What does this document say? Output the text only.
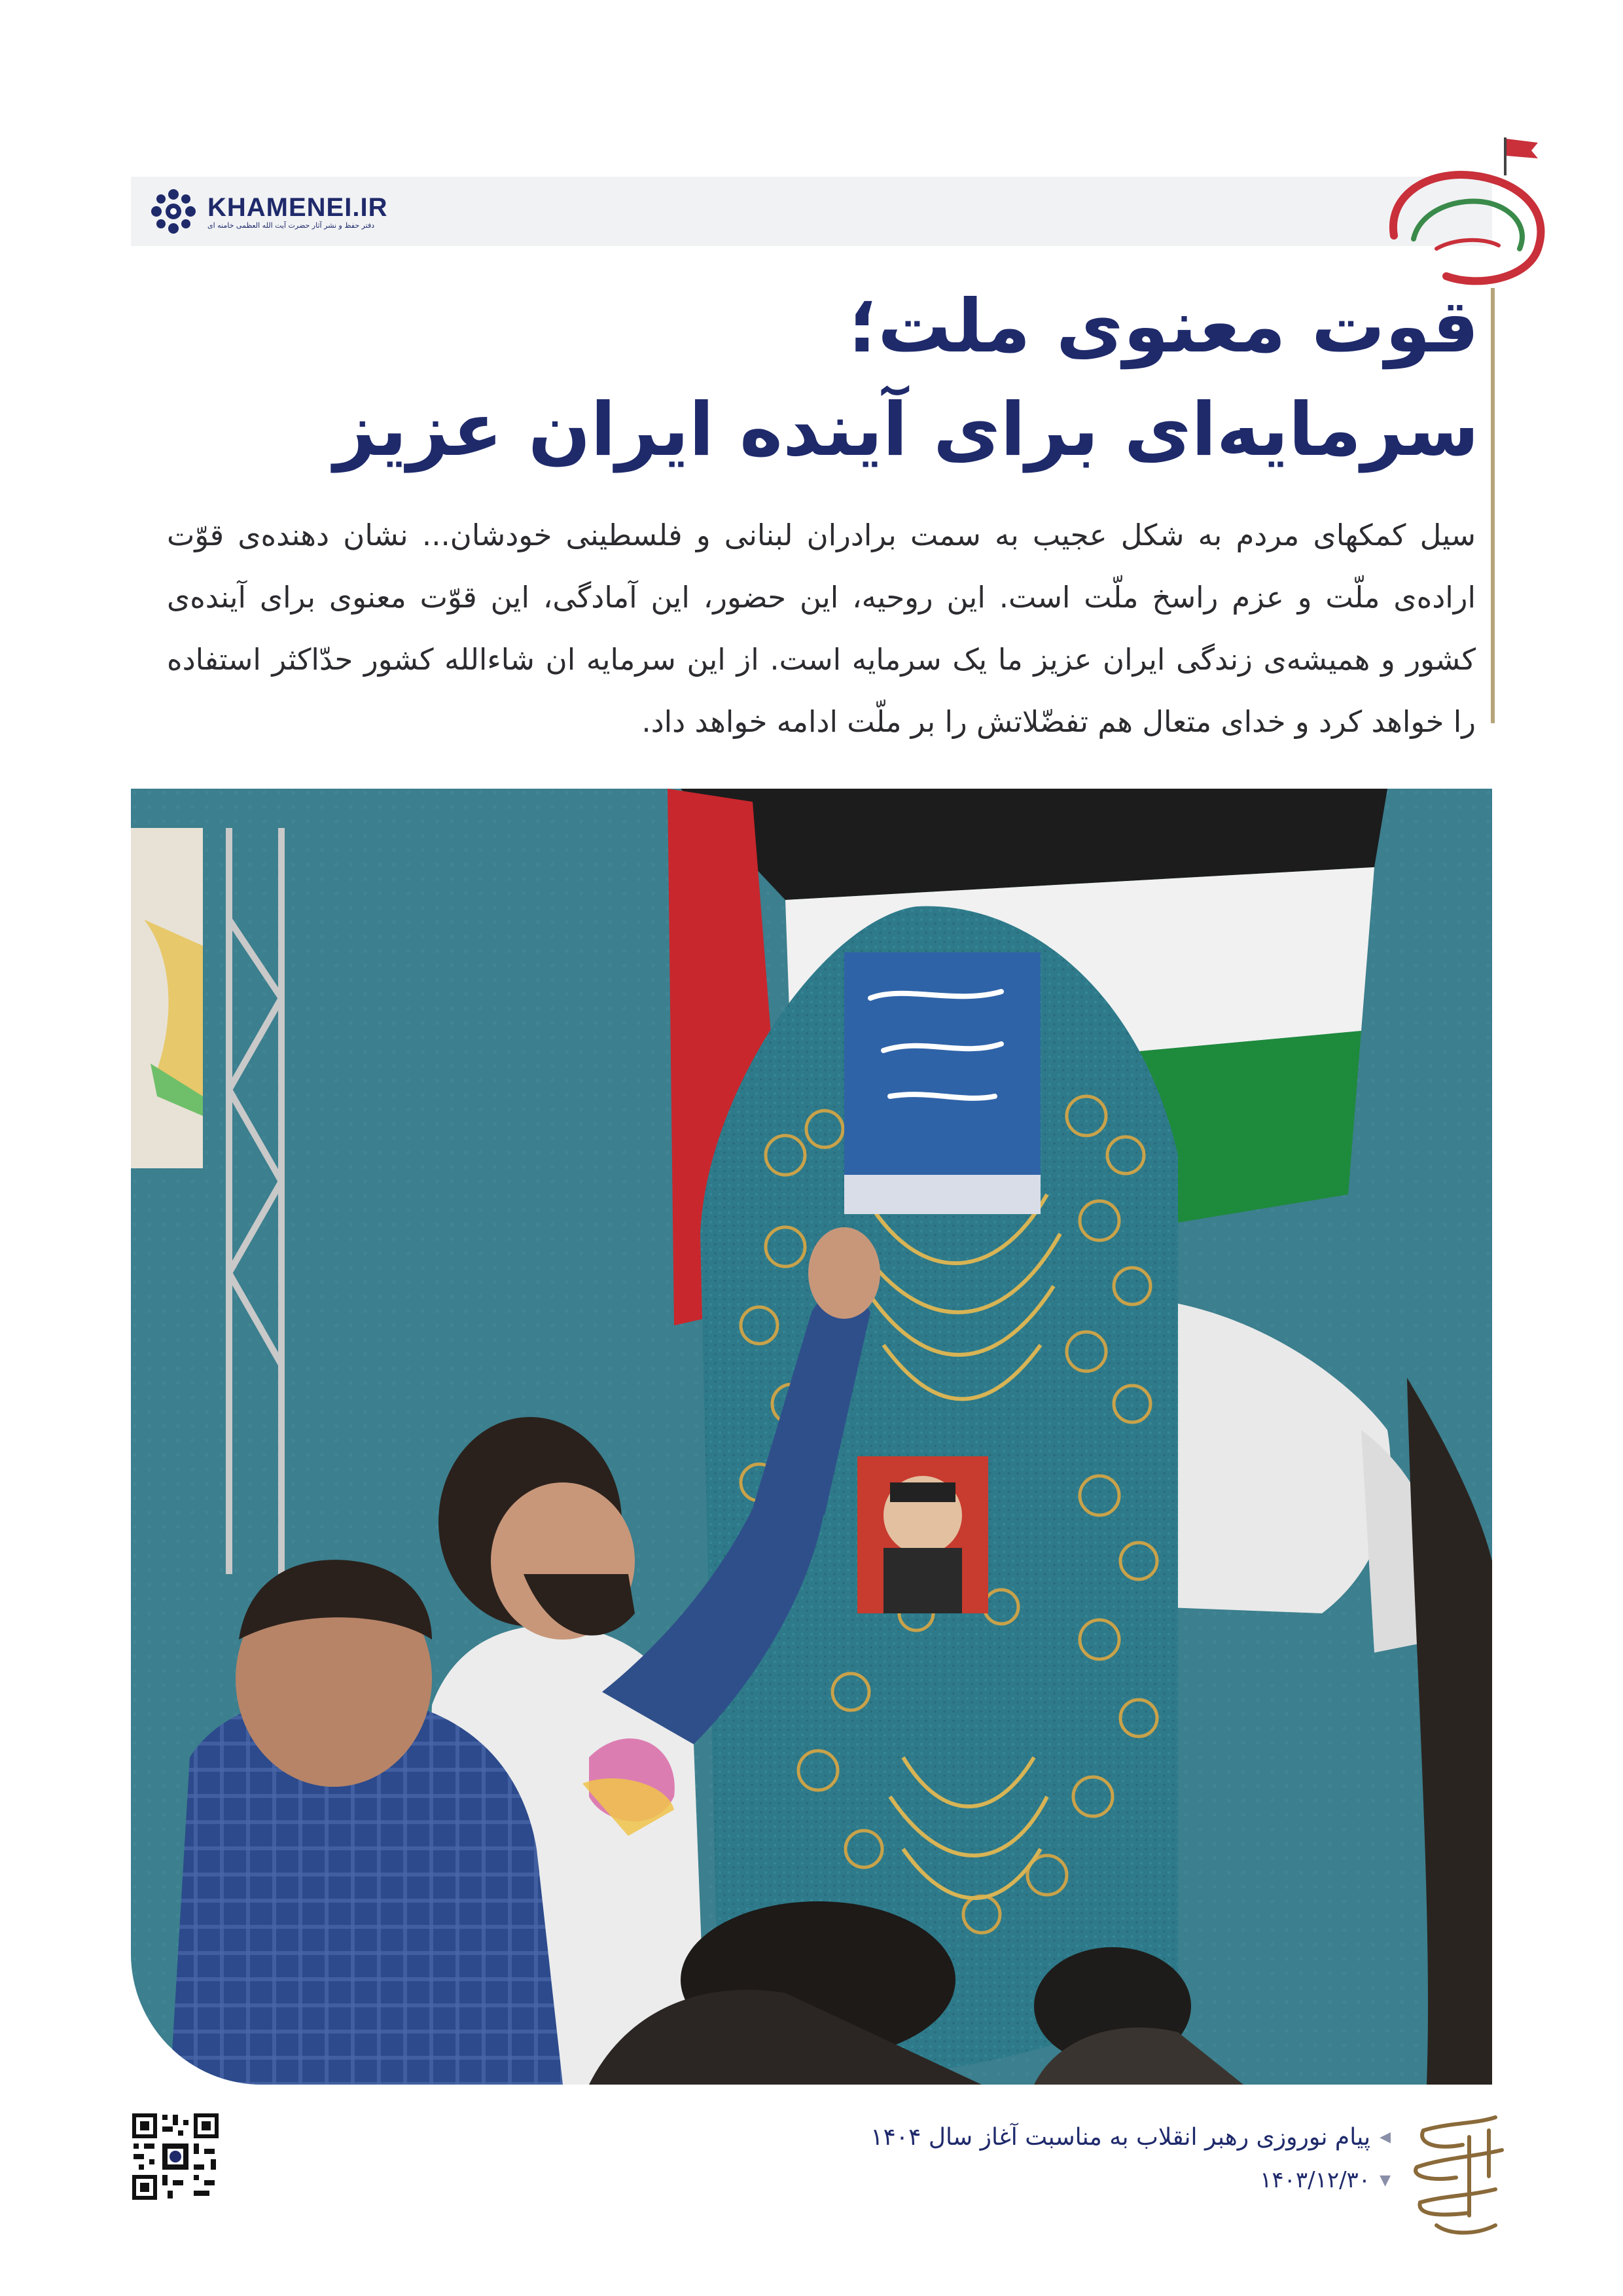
KHAMENEI.IR
دفتر حفظ و نشر آثار حضرت آیت الله العظمی خامنه ای
قوت معنوی ملت؛
سرمایه‌ای برای آینده ایران عزیز

سیل کمکهای مردم به شکل عجیب به سمت برادران لبنانی و فلسطینی خودشان... نشان دهنده‌ی قوّت اراده‌ی ملّت و عزم راسخ ملّت است. این روحیه، این حضور، این آمادگی، این قوّت معنوی برای آینده‌ی کشور و همیشه‌ی زندگی ایران عزیز ما یک سرمایه است. از این سرمایه ان شاءالله کشور حدّاکثر استفاده را خواهد کرد و خدای متعال هم تفضّلاتش را بر ملّت ادامه خواهد داد.

◀
پیام نوروزی رهبر انقلاب به مناسبت آغاز سال ۱۴۰۴
▼
۱۴۰۳/۱۲/۳۰
